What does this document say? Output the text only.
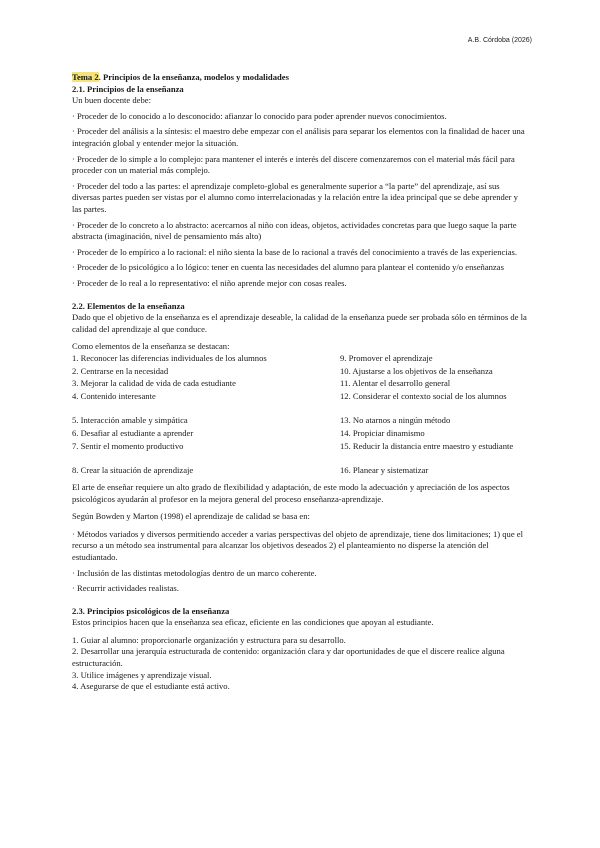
A.B. Córdoba (2026)

Tema 2. Principios de la enseñanza, modelos y modalidades

2.1. Principios de la enseñanza

Un buen docente debe:

· Proceder de lo conocido a lo desconocido: afianzar lo conocido para poder aprender nuevos conocimientos.

· Proceder del análisis a la síntesis: el maestro debe empezar con el análisis para separar los elementos con la finalidad de hacer una integración global y entender mejor la situación.

· Proceder de lo simple a lo complejo: para mantener el interés e interés del discere comenzaremos con el material más fácil para proceder con un material más complejo.

· Proceder del todo a las partes: el aprendizaje completo-global es generalmente superior a “la parte” del aprendizaje, así sus diversas partes pueden ser vistas por el alumno como interrelacionadas y la relación entre la idea principal que se debe aprender y las partes.

· Proceder de lo concreto a lo abstracto: acercarnos al niño con ideas, objetos, actividades concretas para que luego saque la parte abstracta (imaginación, nivel de pensamiento más alto)

· Proceder de lo empírico a lo racional: el niño sienta la base de lo racional a través del conocimiento a través de las experiencias.

· Proceder de lo psicológico a lo lógico: tener en cuenta las necesidades del alumno para plantear el contenido y/o enseñanzas

· Proceder de lo real a lo representativo: el niño aprende mejor con cosas reales.

2.2. Elementos de la enseñanza

Dado que el objetivo de la enseñanza es el aprendizaje deseable, la calidad de la enseñanza puede ser probada sólo en términos de la calidad del aprendizaje al que conduce.

Como elementos de la enseñanza se destacan:

1. Reconocer las diferencias individuales de los alumnos	9. Promover el aprendizaje
2. Centrarse en la necesidad	10. Ajustarse a los objetivos de la enseñanza
3. Mejorar la calidad de vida de cada estudiante	11. Alentar el desarrollo general
4. Contenido interesante	12. Considerar el contexto social de los alumnos
5. Interacción amable y simpática	13. No atarnos a ningún método
6. Desafiar al estudiante a aprender	14. Propiciar dinamismo
7. Sentir el momento productivo	15. Reducir la distancia entre maestro y estudiante
8. Crear la situación de aprendizaje	16. Planear y sistematizar

El arte de enseñar requiere un alto grado de flexibilidad y adaptación, de este modo la adecuación y apreciación de los aspectos psicológicos ayudarán al profesor en la mejora general del proceso enseñanza-aprendizaje.

Según Bowden y Marton (1998) el aprendizaje de calidad se basa en:

· Métodos variados y diversos permitiendo acceder a varias perspectivas del objeto de aprendizaje, tiene dos limitaciones; 1) que el recurso a un método sea instrumental para alcanzar los objetivos deseados 2) el planteamiento no disperse la atención del estudiantado.

· Inclusión de las distintas metodologías dentro de un marco coherente.

· Recurrir actividades realistas.

2.3. Principios psicológicos de la enseñanza

Estos principios hacen que la enseñanza sea eficaz, eficiente en las condiciones que apoyan al estudiante.

1. Guiar al alumno: proporcionarle organización y estructura para su desarrollo.

2. Desarrollar una jerarquía estructurada de contenido: organización clara y dar oportunidades de que el discere realice alguna estructuración.

3. Utilice imágenes y aprendizaje visual.

4. Asegurarse de que el estudiante está activo.
